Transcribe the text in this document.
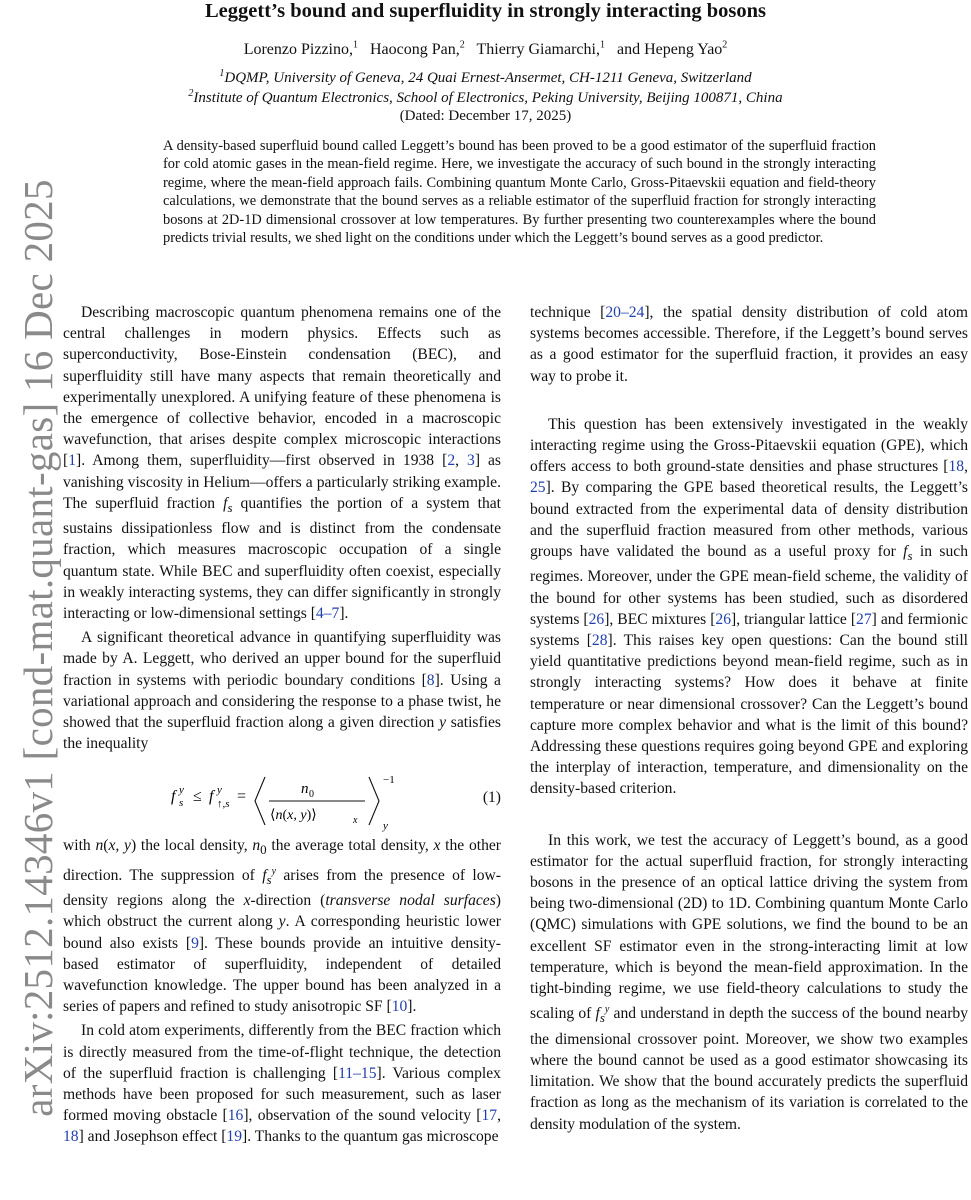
arXiv:2512.14346v1 [cond-mat.quant-gas] 16 Dec 2025
Leggett’s bound and superfluidity in strongly interacting bosons
Lorenzo Pizzino,$^1$ Haocong Pan,$^2$ Thierry Giamarchi,$^1$ and Hepeng Yao$^2$
$^1$DQMP, University of Geneva, 24 Quai Ernest-Ansermet, CH-1211 Geneva, Switzerland
$^2$Institute of Quantum Electronics, School of Electronics, Peking University, Beijing 100871, China
(Dated: December 17, 2025)
A density-based superfluid bound called Leggett’s bound has been proved to be a good estimator of the superfluid fraction for cold atomic gases in the mean-field regime. Here, we investigate the accuracy of such bound in the strongly interacting regime, where the mean-field approach fails. Combining quantum Monte Carlo, Gross-Pitaevskii equation and field-theory calculations, we demonstrate that the bound serves as a reliable estimator of the superfluid fraction for strongly interacting bosons at 2D-1D dimensional crossover at low temperatures. By further presenting two counterexamples where the bound predicts trivial results, we shed light on the conditions under which the Leggett’s bound serves as a good predictor.

Describing macroscopic quantum phenomena remains one of the central challenges in modern physics. Effects such as superconductivity, Bose-Einstein condensation (BEC), and superfluidity still have many aspects that remain theoretically and experimentally unexplored. A unifying feature of these phenomena is the emergence of collective behavior, encoded in a macroscopic wavefunction, that arises despite complex microscopic interactions [1]. Among them, superfluidity—first observed in 1938 [2, 3] as vanishing viscosity in Helium—offers a particularly striking example. The superfluid fraction $f_s$ quantifies the portion of a system that sustains dissipationless flow and is distinct from the condensate fraction, which measures macroscopic occupation of a single quantum state. While BEC and superfluidity often coexist, especially in weakly interacting systems, they can differ significantly in strongly interacting or low-dimensional settings [4–7].

A significant theoretical advance in quantifying superfluidity was made by A. Leggett, who derived an upper bound for the superfluid fraction in systems with periodic boundary conditions [8]. Using a variational approach and considering the response to a phase twist, he showed that the superfluid fraction along a given direction y satisfies the inequality

f s
y ≤ f y
↑,s =	n 0
⟨n(x, y)⟩	x
−1
y
(1)

with n(x, y) the local density, $n_0$ the average total density, x the other direction. The suppression of $f_s^y$ arises from the presence of low-density regions along the x-direction (transverse nodal surfaces) which obstruct the current along y. A corresponding heuristic lower bound also exists [9]. These bounds provide an intuitive density-based estimator of superfluidity, independent of detailed wavefunction knowledge. The upper bound has been analyzed in a series of papers and refined to study anisotropic SF [10].

In cold atom experiments, differently from the BEC fraction which is directly measured from the time-of-flight technique, the detection of the superfluid fraction is challenging [11–15]. Various complex methods have been proposed for such measurement, such as laser formed moving obstacle [16], observation of the sound velocity [17, 18] and Josephson effect [19]. Thanks to the quantum gas microscope

technique [20–24], the spatial density distribution of cold atom systems becomes accessible. Therefore, if the Leggett’s bound serves as a good estimator for the superfluid fraction, it provides an easy way to probe it.

This question has been extensively investigated in the weakly interacting regime using the Gross-Pitaevskii equation (GPE), which offers access to both ground-state densities and phase structures [18, 25]. By comparing the GPE based theoretical results, the Leggett’s bound extracted from the experimental data of density distribution and the superfluid fraction measured from other methods, various groups have validated the bound as a useful proxy for $f_s$ in such regimes. Moreover, under the GPE mean-field scheme, the validity of the bound for other systems has been studied, such as disordered systems [26], BEC mixtures [26], triangular lattice [27] and fermionic systems [28]. This raises key open questions: Can the bound still yield quantitative predictions beyond mean-field regime, such as in strongly interacting systems? How does it behave at finite temperature or near dimensional crossover? Can the Leggett’s bound capture more complex behavior and what is the limit of this bound? Addressing these questions requires going beyond GPE and exploring the interplay of interaction, temperature, and dimensionality on the density-based criterion.

In this work, we test the accuracy of Leggett’s bound, as a good estimator for the actual superfluid fraction, for strongly interacting bosons in the presence of an optical lattice driving the system from being two-dimensional (2D) to 1D. Combining quantum Monte Carlo (QMC) simulations with GPE solutions, we find the bound to be an excellent SF estimator even in the strong-interacting limit at low temperature, which is beyond the mean-field approximation. In the tight-binding regime, we use field-theory calculations to study the scaling of $f_s^y$ and understand in depth the success of the bound nearby the dimensional crossover point. Moreover, we show two examples where the bound cannot be used as a good estimator showcasing its limitation. We show that the bound accurately predicts the superfluid fraction as long as the mechanism of its variation is correlated to the density modulation of the system.
